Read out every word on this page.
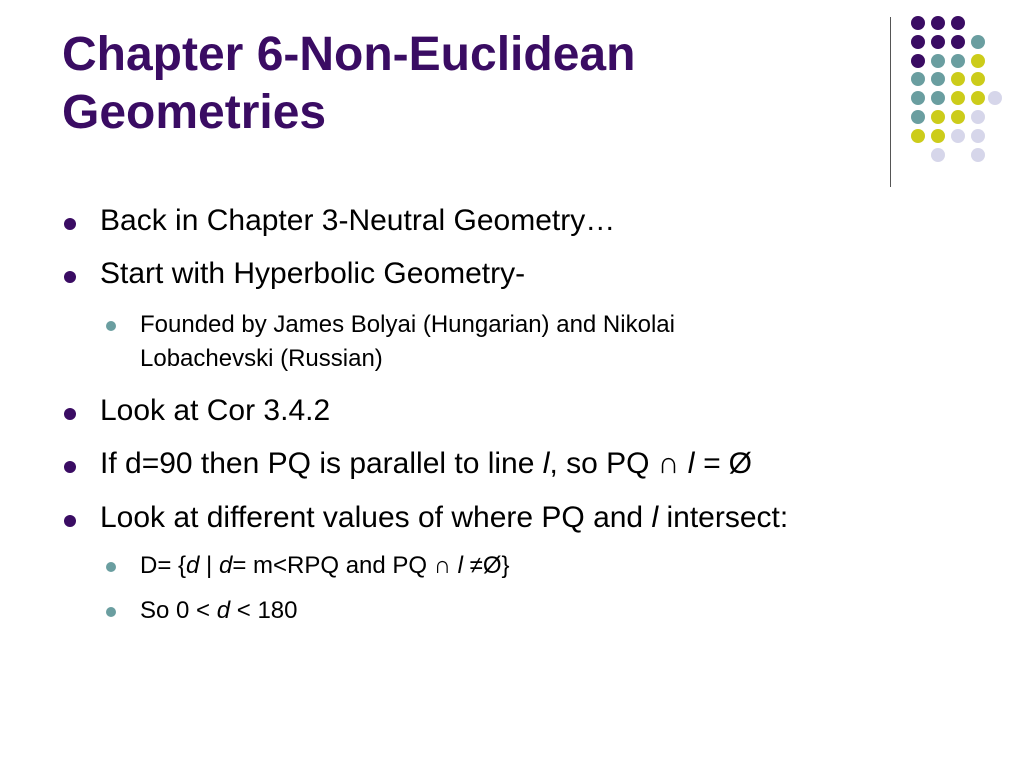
Chapter 6-Non-Euclidean
Geometries
Back in Chapter 3-Neutral Geometry…
Start with Hyperbolic Geometry-
Founded by James Bolyai (Hungarian) and Nikolai
Lobachevski (Russian)
Look at Cor 3.4.2
If d=90 then PQ is parallel to line l, so PQ ∩ l = Ø
Look at different values of where PQ and l intersect:
D= {d | d= m<RPQ and PQ ∩ l ≠Ø}
So 0 < d < 180
